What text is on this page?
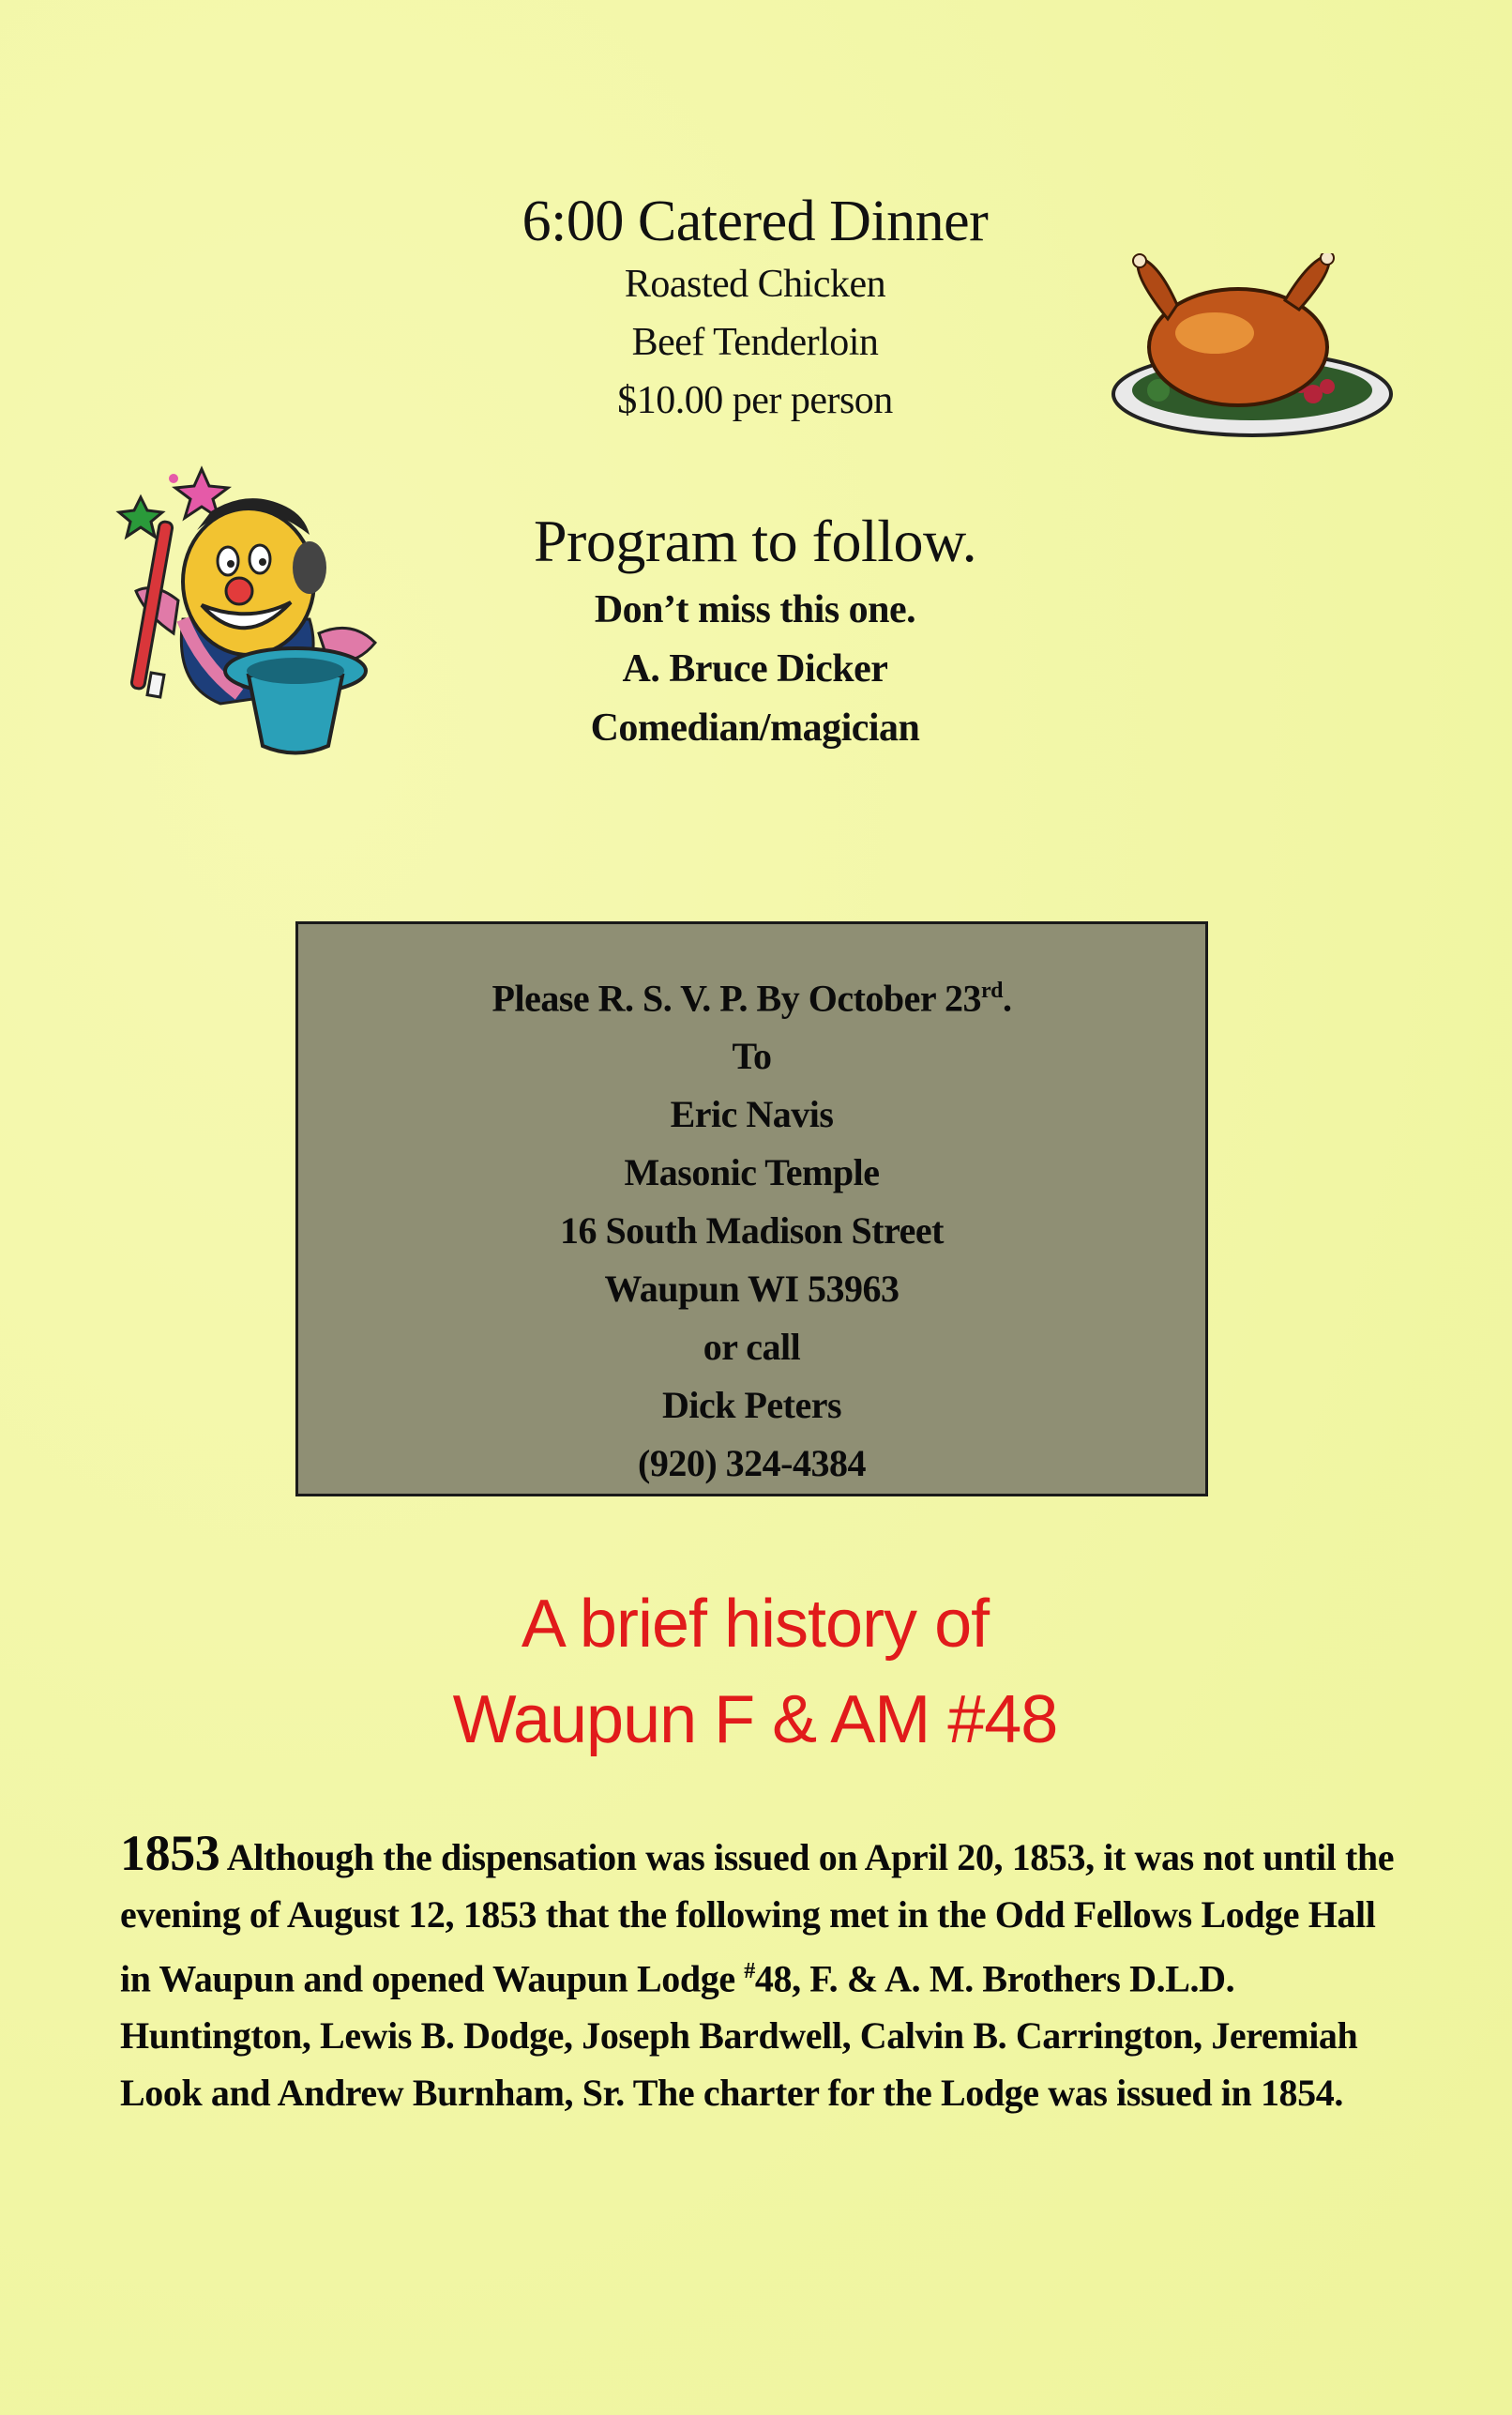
6:00 Catered Dinner
Roasted Chicken
Beef Tenderloin
$10.00 per person
Program to follow.
Don’t miss this one.
A. Bruce Dicker
Comedian/magician
Please R. S. V. P. By October 23rd.
To
Eric Navis
Masonic Temple
16 South Madison Street
Waupun WI 53963
or call
Dick Peters
(920) 324-4384
A brief history of
Waupun F & AM #48
1853 Although the dispensation was issued on April 20, 1853, it was not until the evening of August 12, 1853 that the following met in the Odd Fellows Lodge Hall in Waupun and opened Waupun Lodge #48, F. & A. M. Brothers D.L.D. Huntington, Lewis B. Dodge, Joseph Bardwell, Calvin B. Carrington, Jeremiah Look and Andrew Burnham, Sr. The charter for the Lodge was issued in 1854.
